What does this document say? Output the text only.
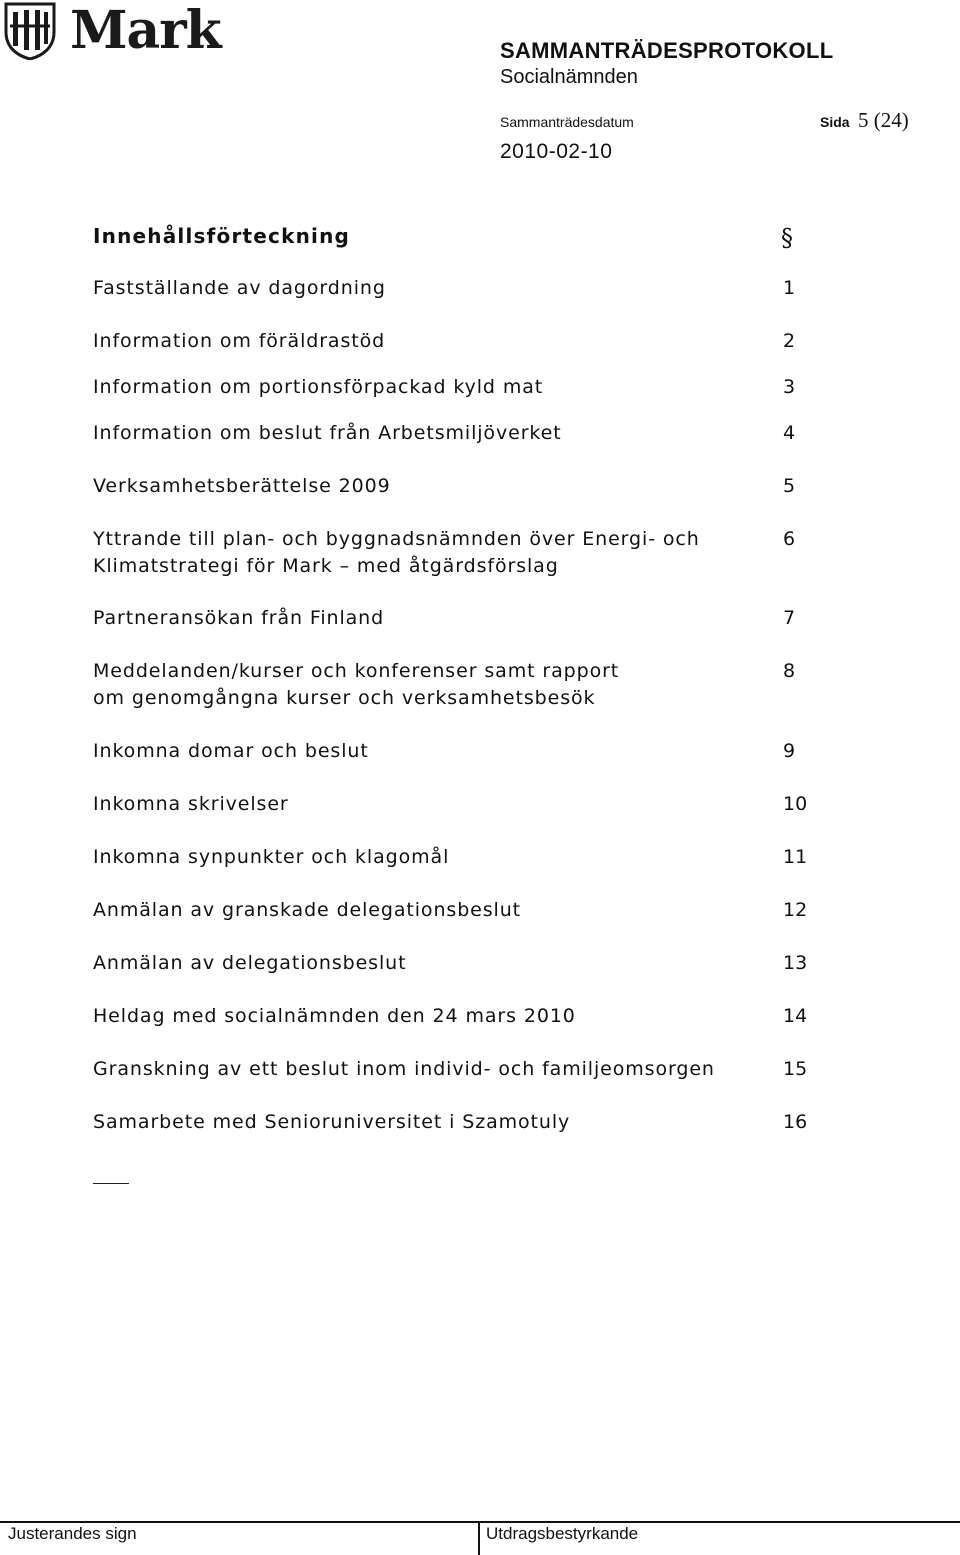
Mark	SAMMANTRÄDESPROTOKOLL
Socialnämnden
Sammanträdesdatum	Sida 5 (24)
2010-02-10
Innehållsförteckning	§
Fastställande av dagordning	1
Information om föräldrastöd	2
Information om portionsförpackad kyld mat	3
Information om beslut från Arbetsmiljöverket	4
Verksamhetsberättelse 2009	5
Yttrande till plan- och byggnadsnämnden över Energi- och
Klimatstrategi för Mark – med åtgärdsförslag
6
Partneransökan från Finland	7
Meddelanden/kurser och konferenser samt rapport
om genomgångna kurser och verksamhetsbesök
8
Inkomna domar och beslut	9
Inkomna skrivelser	10
Inkomna synpunkter och klagomål	11
Anmälan av granskade delegationsbeslut	12
Anmälan av delegationsbeslut	13
Heldag med socialnämnden den 24 mars 2010	14
Granskning av ett beslut inom individ- och familjeomsorgen	15
Samarbete med Senioruniversitet i Szamotuly	16
Justerandes sign	Utdragsbestyrkande
